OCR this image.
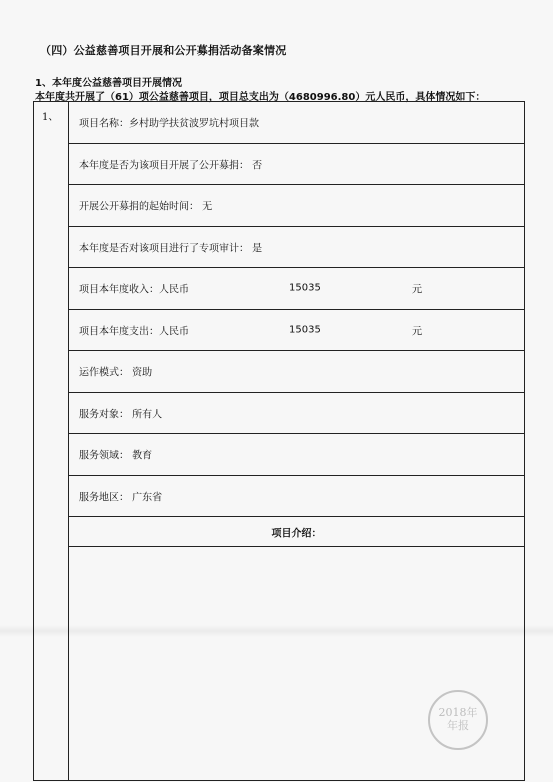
（四）公益慈善项目开展和公开募捐活动备案情况
1、本年度公益慈善项目开展情况
本年度共开展了（61）项公益慈善项目，项目总支出为（4680996.80）元人民币，具体情况如下：
1、
项目名称：乡村助学扶贫波罗坑村项目款
本年度是否为该项目开展了公开募捐： 否
开展公开募捐的起始时间： 无
本年度是否对该项目进行了专项审计： 是
项目本年度收入：人民币	15035	元
项目本年度支出：人民币	15035	元
运作模式： 资助
服务对象： 所有人
服务领域： 教育
服务地区： 广东省
项目介绍：
2018年
年报
